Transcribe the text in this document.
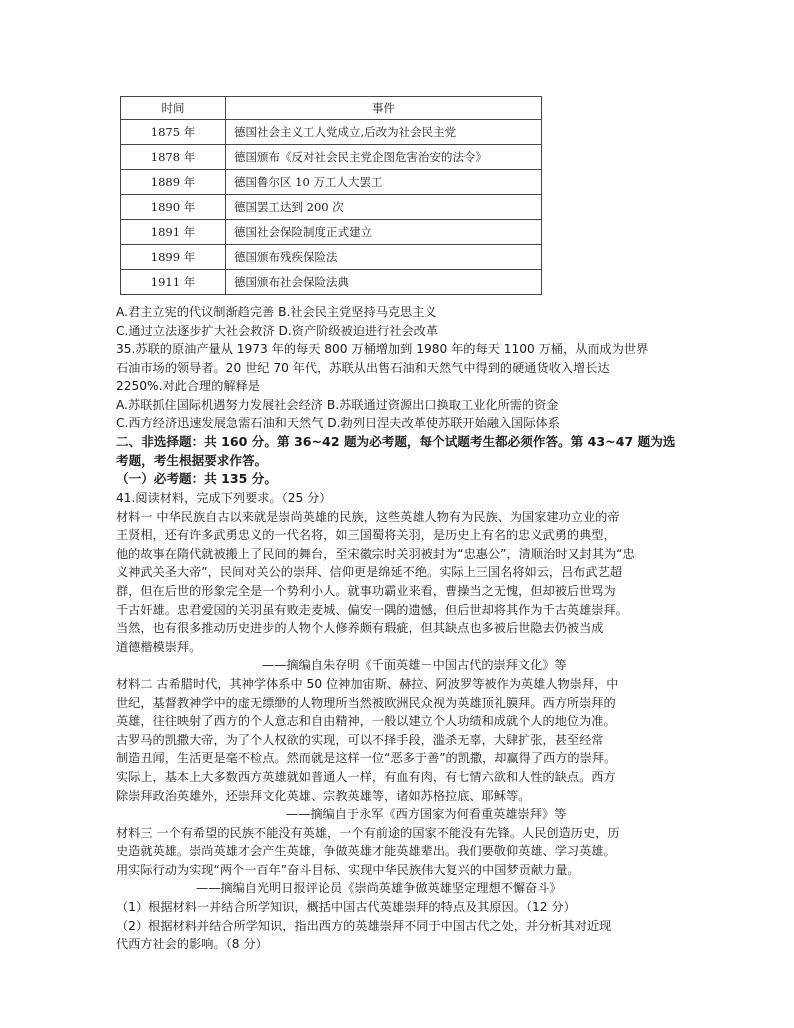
时间	事件
1875 年	德国社会主义工人党成立,后改为社会民主党
1878 年	德国颁布《反对社会民主党企图危害治安的法令》
1889 年	德国鲁尔区 10 万工人大罢工
1890 年	德国罢工达到 200 次
1891 年	德国社会保险制度正式建立
1899 年	德国颁布残疾保险法
1911 年	德国颁布社会保险法典
A.君主立宪的代议制渐趋完善 B.社会民主党坚持马克思主义
C.通过立法逐步扩大社会救济 D.资产阶级被迫进行社会改革
35.苏联的原油产量从 1973 年的每天 800 万桶增加到 1980 年的每天 1100 万桶，从而成为世界
石油市场的领导者。20 世纪 70 年代，苏联从出售石油和天然气中得到的硬通货收入增长达
2250%.对此合理的解释是
A.苏联抓住国际机遇努力发展社会经济 B.苏联通过资源出口换取工业化所需的资金
C.西方经济迅速发展急需石油和天然气 D.勃列日涅夫改革使苏联开始融入国际体系
二、非选择题：共 160 分。第 36~42 题为必考题，每个试题考生都必须作答。第 43~47 题为选
考题，考生根据要求作答。
（一）必考题：共 135 分。
41.阅读材料，完成下列要求。（25 分）
材料一 中华民族自古以来就是崇尚英雄的民族，这些英雄人物有为民族、为国家建功立业的帝
王贤相，还有许多武勇忠义的一代名将，如三国蜀将关羽，是历史上有名的忠义武勇的典型，
他的故事在隋代就被搬上了民间的舞台，至宋徽宗时关羽被封为“忠惠公”，清顺治时又封其为“忠
义神武关圣大帝”，民间对关公的崇拜、信仰更是绵延不绝。实际上三国名将如云，吕布武艺超
群，但在后世的形象完全是一个势利小人。就事功霸业来看，曹操当之无愧，但却被后世骂为
千古奸雄。忠君爱国的关羽虽有败走麦城、偏安一隅的遗憾，但后世却将其作为千古英雄崇拜。
当然，也有很多推动历史进步的人物个人修养颇有瑕疵，但其缺点也多被后世隐去仍被当成
道德楷模崇拜。
——摘编自朱存明《千面英雄－中国古代的崇拜文化》等
材料二 古希腊时代，其神学体系中 50 位神加宙斯、赫拉、阿波罗等被作为英雄人物崇拜，中
世纪，基督教神学中的虚无缥缈的人物理所当然被欧洲民众视为英雄顶礼膜拜。西方所崇拜的
英雄，往往映射了西方的个人意志和自由精神，一般以建立个人功绩和成就个人的地位为准。
古罗马的凯撒大帝，为了个人权欲的实现，可以不择手段，滥杀无辜，大肆扩张，甚至经常
制造丑闻，生活更是毫不检点。然而就是这样一位“恶多于善”的凯撒，却赢得了西方的崇拜。
实际上，基本上大多数西方英雄就如普通人一样，有血有肉，有七情六欲和人性的缺点。西方
除崇拜政治英雄外，还崇拜文化英雄、宗教英雄等，诸如苏格拉底、耶稣等。
——摘编自于永军《西方国家为何看重英雄崇拜》等
材料三 一个有希望的民族不能没有英雄，一个有前途的国家不能没有先锋。人民创造历史，历
史造就英雄。崇尚英雄才会产生英雄，争做英雄才能英雄辈出。我们要敬仰英雄、学习英雄。
用实际行动为实现“两个一百年”奋斗目标、实现中华民族伟大复兴的中国梦贡献力量。
——摘编自光明日报评论员《崇尚英雄争做英雄坚定理想不懈奋斗》
（1）根据材料一并结合所学知识，概括中国古代英雄崇拜的特点及其原因。（12 分）
（2）根据材料并结合所学知识，指出西方的英雄崇拜不同于中国古代之处，并分析其对近现
代西方社会的影响。（8 分）
